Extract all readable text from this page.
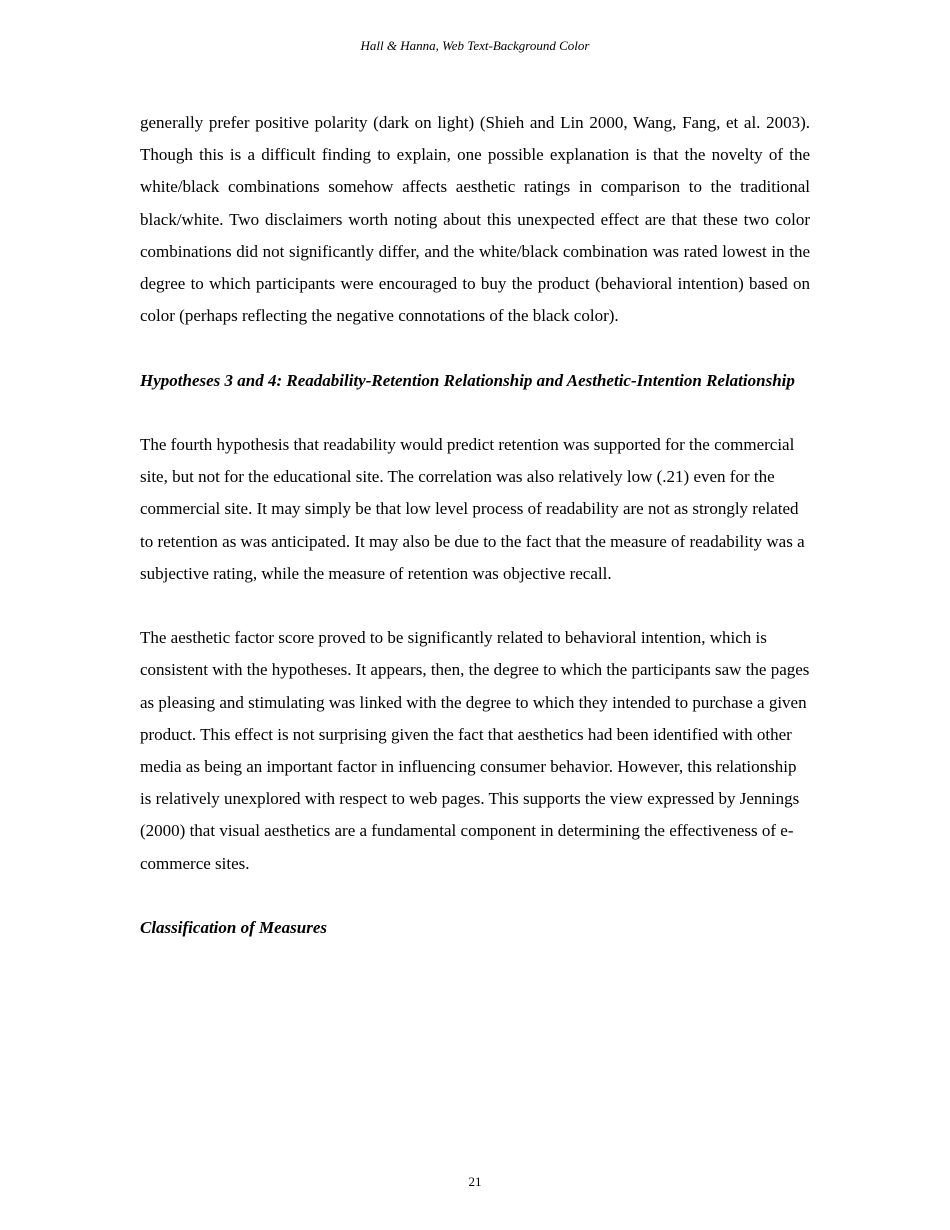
Hall & Hanna, Web Text-Background Color

generally prefer positive polarity (dark on light) (Shieh and Lin 2000, Wang, Fang, et al. 2003). Though this is a difficult finding to explain, one possible explanation is that the novelty of the white/black combinations somehow affects aesthetic ratings in comparison to the traditional black/white. Two disclaimers worth noting about this unexpected effect are that these two color combinations did not significantly differ, and the white/black combination was rated lowest in the degree to which participants were encouraged to buy the product (behavioral intention) based on color (perhaps reflecting the negative connotations of the black color).

Hypotheses 3 and 4: Readability-Retention Relationship and Aesthetic-Intention Relationship

The fourth hypothesis that readability would predict retention was supported for the commercial site, but not for the educational site. The correlation was also relatively low (.21) even for the commercial site. It may simply be that low level process of readability are not as strongly related to retention as was anticipated. It may also be due to the fact that the measure of readability was a subjective rating, while the measure of retention was objective recall.

The aesthetic factor score proved to be significantly related to behavioral intention, which is consistent with the hypotheses. It appears, then, the degree to which the participants saw the pages as pleasing and stimulating was linked with the degree to which they intended to purchase a given product. This effect is not surprising given the fact that aesthetics had been identified with other media as being an important factor in influencing consumer behavior. However, this relationship is relatively unexplored with respect to web pages. This supports the view expressed by Jennings (2000) that visual aesthetics are a fundamental component in determining the effectiveness of e-commerce sites.

Classification of Measures
21
